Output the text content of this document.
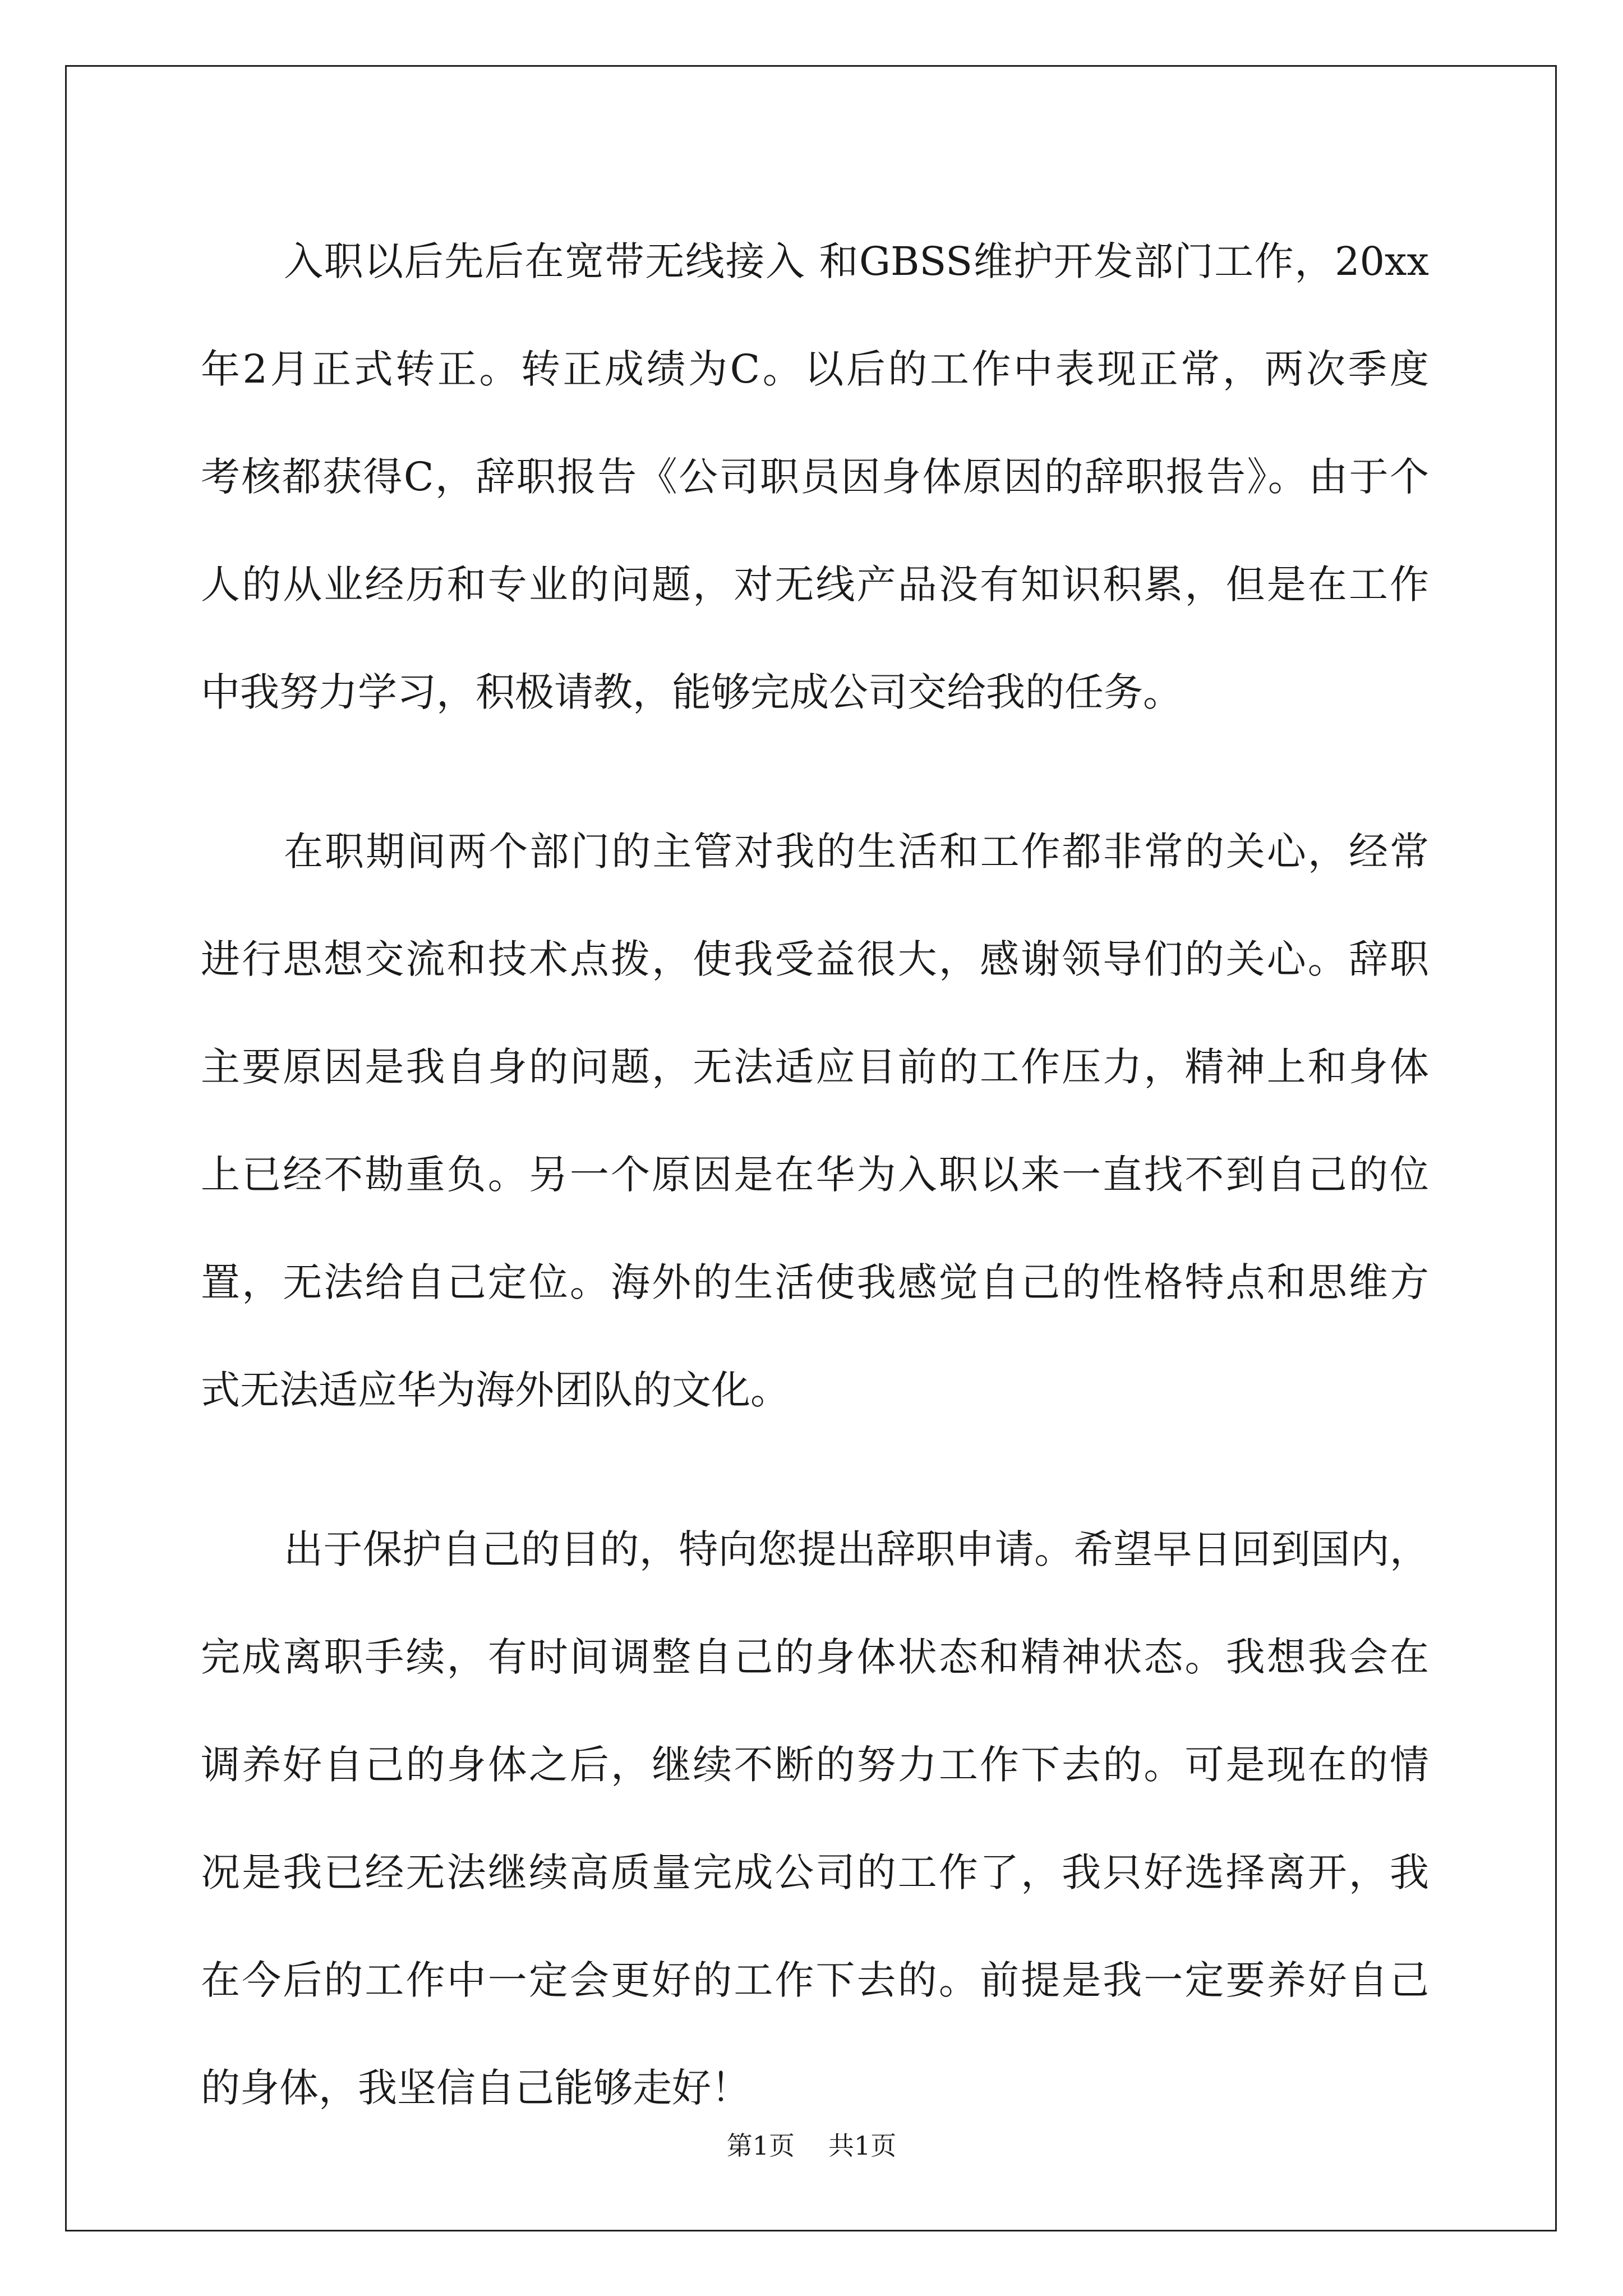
入职以后先后在宽带无线接入 和GBSS维护开发部门工作，20xx
年2月正式转正。转正成绩为C。以后的工作中表现正常，两次季度
考核都获得C，辞职报告《公司职员因身体原因的辞职报告》。由于个
人的从业经历和专业的问题，对无线产品没有知识积累，但是在工作
中我努力学习，积极请教，能够完成公司交给我的任务。
在职期间两个部门的主管对我的生活和工作都非常的关心，经常
进行思想交流和技术点拨，使我受益很大，感谢领导们的关心。辞职
主要原因是我自身的问题，无法适应目前的工作压力，精神上和身体
上已经不勘重负。另一个原因是在华为入职以来一直找不到自己的位
置，无法给自己定位。海外的生活使我感觉自己的性格特点和思维方
式无法适应华为海外团队的文化。
出于保护自己的目的，特向您提出辞职申请。希望早日回到国内，
完成离职手续，有时间调整自己的身体状态和精神状态。我想我会在
调养好自己的身体之后，继续不断的努力工作下去的。可是现在的情
况是我已经无法继续高质量完成公司的工作了，我只好选择离开，我
在今后的工作中一定会更好的工作下去的。前提是我一定要养好自己
的身体，我坚信自己能够走好！
第1页 共1页
